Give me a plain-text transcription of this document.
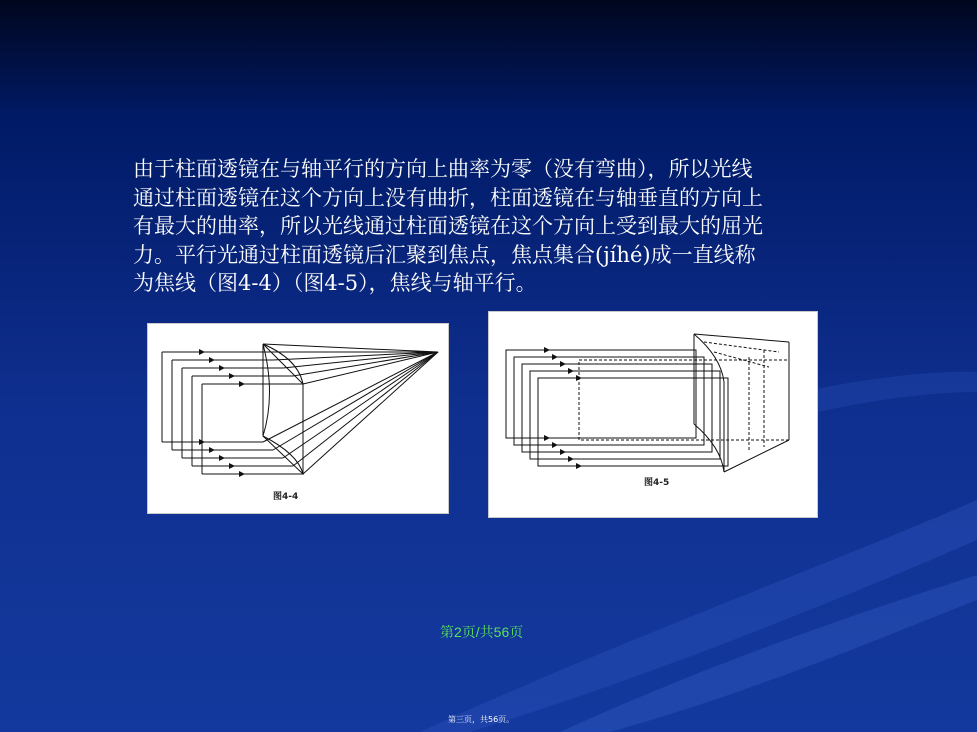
由于柱面透镜在与轴平行的方向上曲率为零（没有弯曲），所以光线
通过柱面透镜在这个方向上没有曲折，柱面透镜在与轴垂直的方向上
有最大的曲率，所以光线通过柱面透镜在这个方向上受到最大的屈光
力。平行光通过柱面透镜后汇聚到焦点，焦点集合(jíhé)成一直线称
为焦线（图4-4）（图4-5），焦线与轴平行。
图4-4
图4-5
第2页/共56页
第三页，共56页。
